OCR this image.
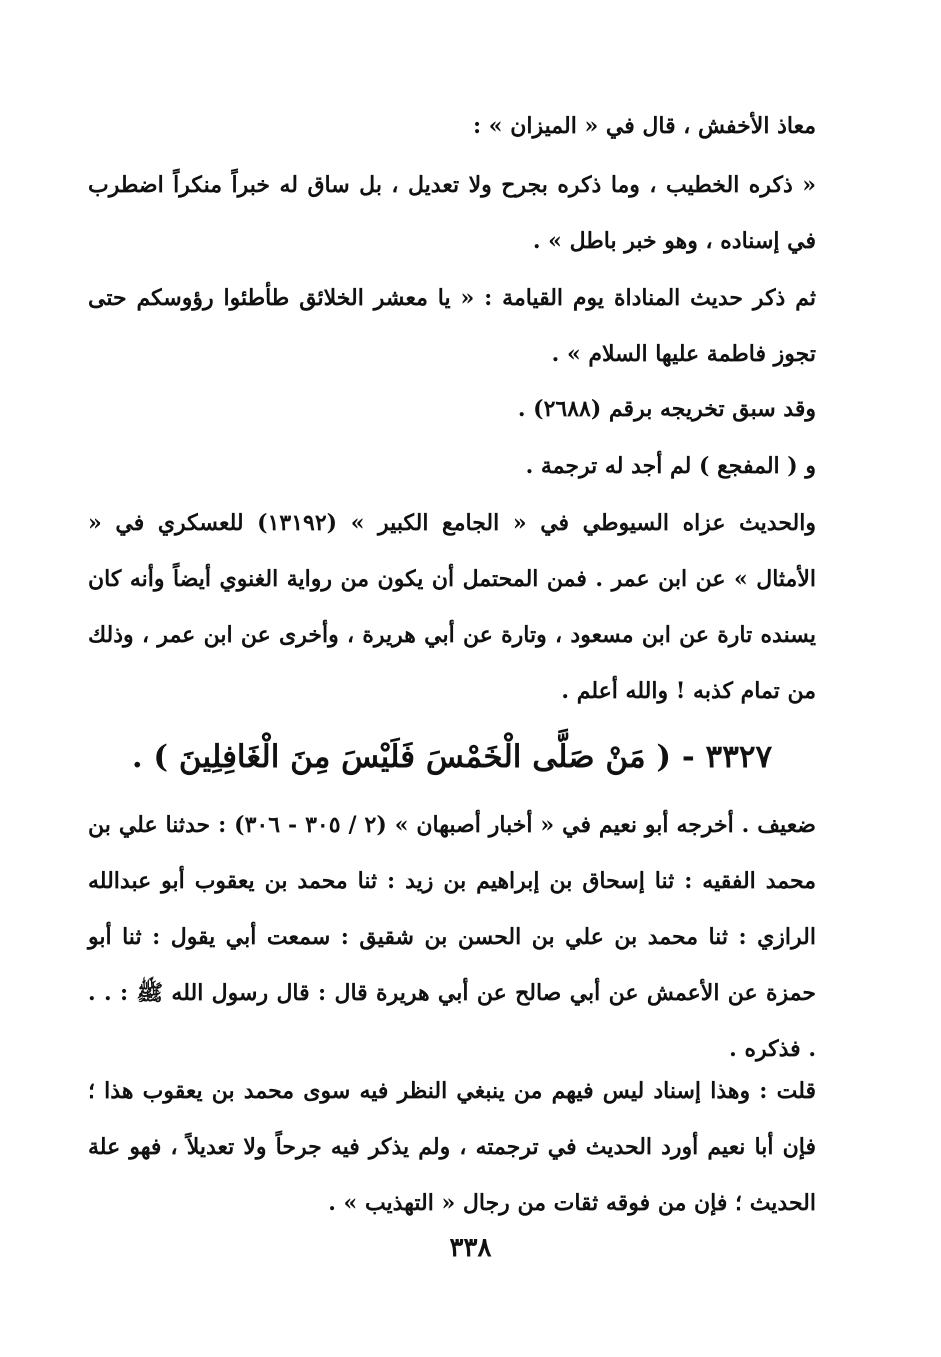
معاذ الأخفش ، قال في « الميزان » :

« ذكره الخطيب ، وما ذكره بجرح ولا تعديل ، بل ساق له خبراً منكراً اضطرب في إسناده ، وهو خبر باطل » .

ثم ذكر حديث المناداة يوم القيامة : « يا معشر الخلائق طأطئوا رؤوسكم حتى تجوز فاطمة عليها السلام » .

وقد سبق تخريجه برقم (٢٦٨٨) .

و ( المفجع ) لم أجد له ترجمة .

والحديث عزاه السيوطي في « الجامع الكبير » (١٣١٩٢) للعسكري في « الأمثال » عن ابن عمر . فمن المحتمل أن يكون من رواية الغنوي أيضاً وأنه كان يسنده تارة عن ابن مسعود ، وتارة عن أبي هريرة ، وأخرى عن ابن عمر ، وذلك من تمام كذبه ! والله أعلم .

٣٣٢٧ - ( مَنْ صَلَّى الْخَمْسَ فَلَيْسَ مِنَ الْغَافِلِينَ ) .

ضعيف . أخرجه أبو نعيم في « أخبار أصبهان » (٢ / ٣٠٥ - ٣٠٦) : حدثنا علي بن محمد الفقيه : ثنا إسحاق بن إبراهيم بن زيد : ثنا محمد بن يعقوب أبو عبدالله الرازي : ثنا محمد بن علي بن الحسن بن شقيق : سمعت أبي يقول : ثنا أبو حمزة عن الأعمش عن أبي صالح عن أبي هريرة قال : قال رسول الله ﷺ : . . . فذكره .

قلت : وهذا إسناد ليس فيهم من ينبغي النظر فيه سوى محمد بن يعقوب هذا ؛ فإن أبا نعيم أورد الحديث في ترجمته ، ولم يذكر فيه جرحاً ولا تعديلاً ، فهو علة الحديث ؛ فإن من فوقه ثقات من رجال « التهذيب » .

٣٣٨
